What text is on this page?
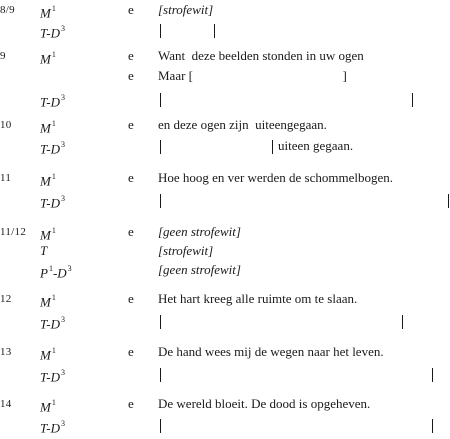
8/9 $M^1$	e [strofewit]
$T-D^3$
9	$M^1$	e Want  deze beelden stonden in uw ogen
e Maar [                                              ]
$T-D^3$
10 $M^1$	e en deze ogen zijn  uiteengegaan.
$T-D^3$	uiteen gegaan.
11 $M^1$	e Hoe hoog en ver werden de schommelbogen.
$T-D^3$
11/12 $M^1$	e [geen strofewit]
T	[strofewit]
$P^1-D^3$	[geen strofewit]
12 $M^1$	e Het hart kreeg alle ruimte om te slaan.
$T-D^3$
13 $M^1$	e De hand wees mij de wegen naar het leven.
$T-D^3$
14 $M^1$	e De wereld bloeit. De dood is opgeheven.
$T-D^3$
